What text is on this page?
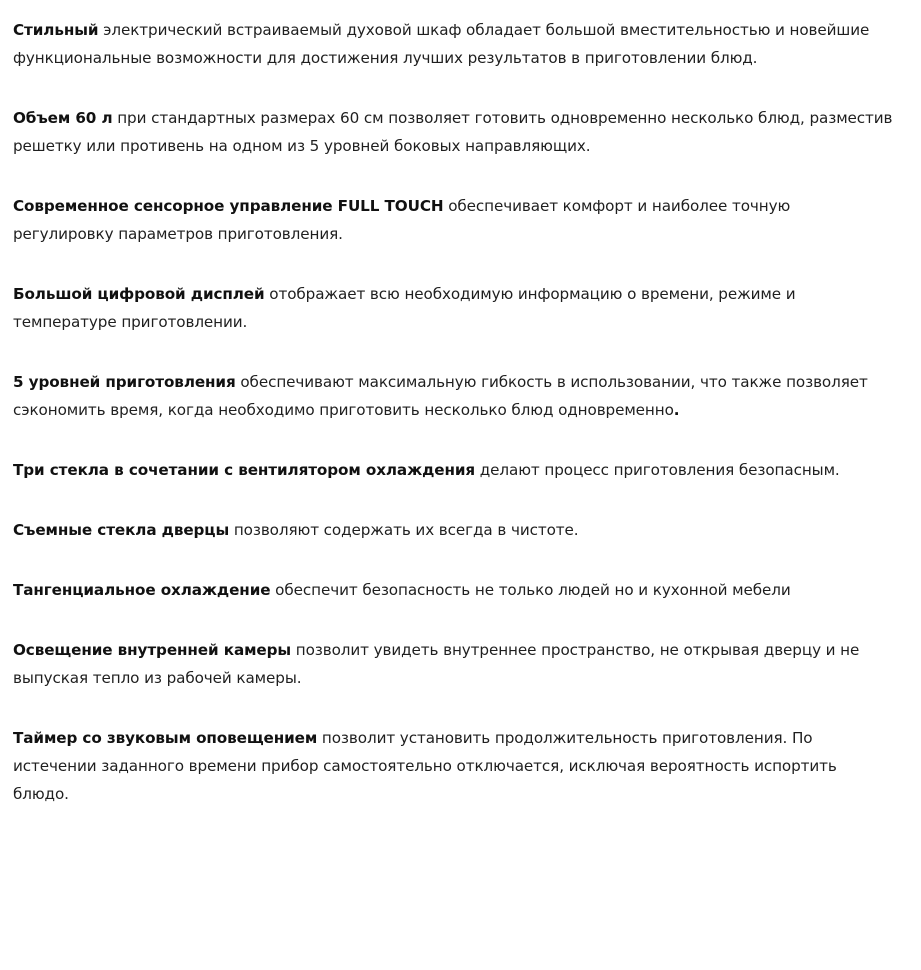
Стильный электрический встраиваемый духовой шкаф обладает большой вместительностью и новейшие функциональные возможности для достижения лучших результатов в приготовлении блюд.

Объем 60 л при стандартных размерах 60 см позволяет готовить одновременно несколько блюд, разместив решетку или противень на одном из 5 уровней боковых направляющих.

Современное сенсорное управление FULL TOUCH обеспечивает комфорт и наиболее точную регулировку параметров приготовления.

Большой цифровой дисплей отображает всю необходимую информацию о времени, режиме и температуре приготовлении.

5 уровней приготовления обеспечивают максимальную гибкость в использовании, что также позволяет сэкономить время, когда необходимо приготовить несколько блюд одновременно.

Три стекла в сочетании с вентилятором охлаждения делают процесс приготовления безопасным.

Съемные стекла дверцы позволяют содержать их всегда в чистоте.

Тангенциальное охлаждение обеспечит безопасность не только людей но и кухонной мебели

Освещение внутренней камеры позволит увидеть внутреннее пространство, не открывая дверцу и не выпуская тепло из рабочей камеры.

Таймер со звуковым оповещением позволит установить продолжительность приготовления. По истечении заданного времени прибор самостоятельно отключается, исключая вероятность испортить блюдо.
